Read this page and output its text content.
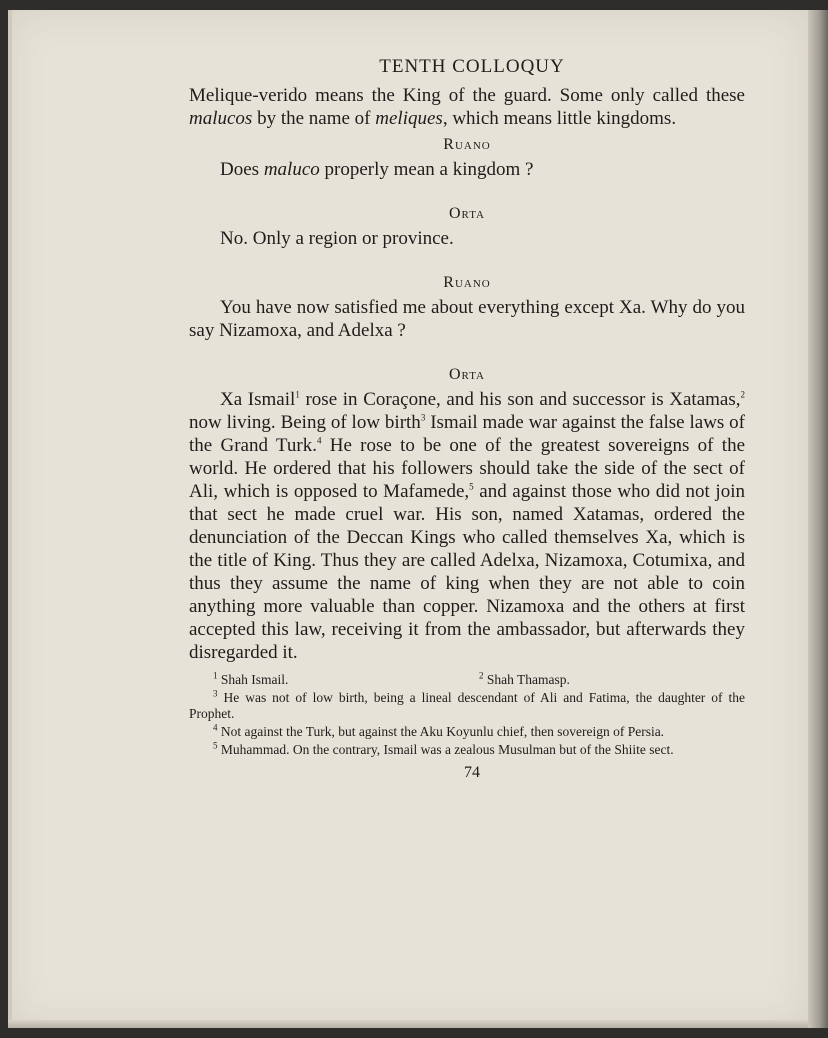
TENTH COLLOQUY

Melique-verido means the King of the guard. Some only called these malucos by the name of meliques, which means little kingdoms.

Ruano

Does maluco properly mean a kingdom ?

Orta

No. Only a region or province.

Ruano

You have now satisfied me about everything except Xa. Why do you say Nizamoxa, and Adelxa ?

Orta

Xa Ismail$^1$ rose in Coraçone, and his son and successor is Xatamas,$^2$ now living. Being of low birth$^3$ Ismail made war against the false laws of the Grand Turk.$^4$ He rose to be one of the greatest sovereigns of the world. He ordered that his followers should take the side of the sect of Ali, which is opposed to Mafamede,$^5$ and against those who did not join that sect he made cruel war. His son, named Xatamas, ordered the denunciation of the Deccan Kings who called themselves Xa, which is the title of King. Thus they are called Adelxa, Nizamoxa, Cotumixa, and thus they assume the name of king when they are not able to coin anything more valuable than copper. Nizamoxa and the others at first accepted this law, receiving it from the ambassador, but afterwards they disregarded it.

$^1$ Shah Ismail.	$^2$ Shah Thamasp.

$^3$ He was not of low birth, being a lineal descendant of Ali and Fatima, the daughter of the Prophet.

$^4$ Not against the Turk, but against the Aku Koyunlu chief, then sovereign of Persia.

$^5$ Muhammad. On the contrary, Ismail was a zealous Musulman but of the Shiite sect.

74
